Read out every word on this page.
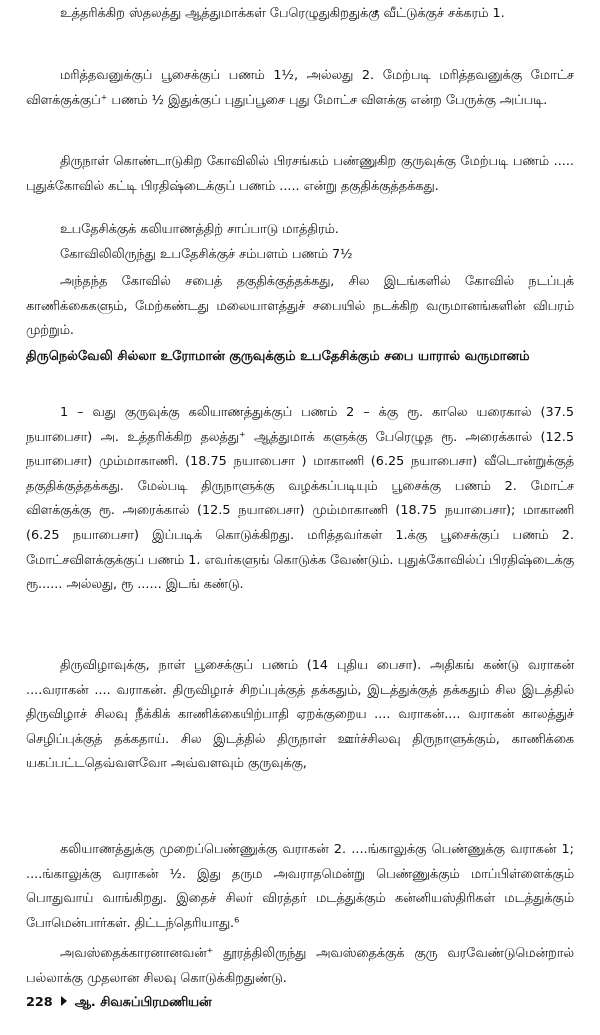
உத்தரிக்கிற ஸ்தலத்து ஆத்துமாக்கள் பேரெழுதுகிறதுக்கு வீட்டுக்குச் சக்கரம் 1.

மரித்தவனுக்குப் பூசைக்குப் பணம் 1½, அல்லது 2. மேற்படி மரித்தவனுக்கு மோட்ச விளக்குக்குப்⁺ பணம் ½ இதுக்குப் புதுப்பூசை புது மோட்ச விளக்கு என்ற பேருக்கு அப்படி.

திருநாள் கொண்டாடுகிற கோவிலில் பிரசங்கம் பண்ணுகிற குருவுக்கு மேற்படி பணம் ..... புதுக்கோவில் கட்டி பிரதிஷ்டைக்குப் பணம் ..... என்று தகுதிக்குத்தக்கது.

உபதேசிக்குக் கலியாணத்திற் சாப்பாடு மாத்திரம்.

கோவிலிலிருந்து உபதேசிக்குச் சம்பளம் பணம் 7½

அந்தந்த கோவில் சபைத் தகுதிக்குத்தக்கது, சில இடங்களில் கோவில் நடப்புக் காணிக்கைகளும், மேற்கண்டது மலையாளத்துச் சபையில் நடக்கிற வருமானங்களின் விபரம் முற்றும்.

திருநெல்வேலி சில்லா உரோமான் குருவுக்கும் உபதேசிக்கும் சபை யாரால் வருமானம்

1 – வது குருவுக்கு கலியாணத்துக்குப் பணம் 2 – க்கு ரூ. காலெ யரைகால் (37.5 நயாபைசா) அ. உத்தரிக்கிற தலத்து⁺ ஆத்துமாக் களுக்கு பேரெழுத ரூ. அரைக்கால் (12.5 நயாபைசா) மும்மாகாணி. (18.75 நயாபைசா ) மாகாணி (6.25 நயாபைசா) வீடொன்றுக்குத் தகுதிக்குத்தக்கது. மேல்படி திருநாளுக்கு வழக்கப்படியும் பூசைக்கு பணம் 2. மோட்ச விளக்குக்கு ரூ. அரைக்கால் (12.5 நயாபைசா) மும்மாகாணி (18.75 நயாபைசா); மாகாணி (6.25 நயாபைசா) இப்படிக் கொடுக்கிறது. மரித்தவர்கள் 1.க்கு பூசைக்குப் பணம் 2. மோட்சவிளக்குக்குப் பணம் 1. எவர்களுங் கொடுக்க வேண்டும். புதுக்கோவில்ப் பிரதிஷ்டைக்கு ரூ...... அல்லது, ரூ ...... இடங் கண்டு.

திருவிழாவுக்கு, நாள் பூசைக்குப் பணம் (14 புதிய பைசா). அதிகங் கண்டு வராகன் ....வராகன் .... வராகன். திருவிழாச் சிறப்புக்குத் தக்கதும், இடத்துக்குத் தக்கதும் சில இடத்தில் திருவிழாச் சிலவு நீக்கிக் காணிக்கையிற்பாதி ஏறக்குறைய .... வராகன்.... வராகன் காலத்துச் செழிப்புக்குத் தக்கதாய். சில இடத்தில் திருநாள் ஊர்ச்சிலவு திருநாளுக்கும், காணிக்கை யகப்பட்டதெவ்வளவோ அவ்வளவும் குருவுக்கு,

கலியாணத்துக்கு முறைப்பெண்ணுக்கு வராகன் 2. ....ங்காலுக்கு பெண்ணுக்கு வராகன் 1; ....ங்காலுக்கு வராகன் ½. இது தரும அவராதமென்று பெண்ணுக்கும் மாப்பிள்ளைக்கும் பொதுவாய் வாங்கிறது. இதைச் சிலர் விரத்தர் மடத்துக்கும் கன்னியஸ்திரிகள் மடத்துக்கும் போமென்பார்கள். திட்டந்தெரியாது.⁶

அவஸ்தைக்காரனானவன்⁺ தூரத்திலிருந்து அவஸ்தைக்குக் குரு வரவேண்டுமென்றால் பல்லாக்கு முதலான சிலவு கொடுக்கிறதுண்டு.

228 ஆ. சிவசுப்பிரமணியன்
